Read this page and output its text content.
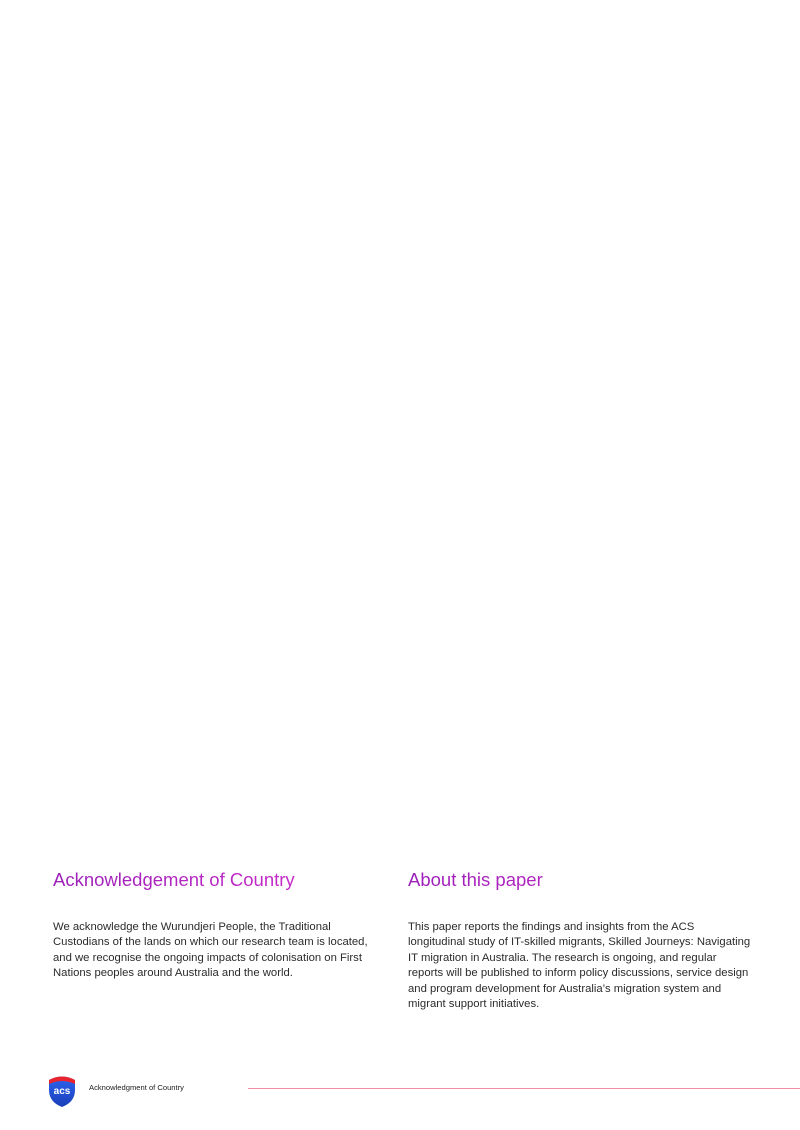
Acknowledgement of Country

We acknowledge the Wurundjeri People, the Traditional Custodians of the lands on which our research team is located, and we recognise the ongoing impacts of colonisation on First Nations peoples around Australia and the world.

About this paper

This paper reports the findings and insights from the ACS longitudinal study of IT-skilled migrants, Skilled Journeys: Navigating IT migration in Australia. The research is ongoing, and regular reports will be published to inform policy discussions, service design and program development for Australia’s migration system and migrant support initiatives.

acs Acknowledgment of Country
